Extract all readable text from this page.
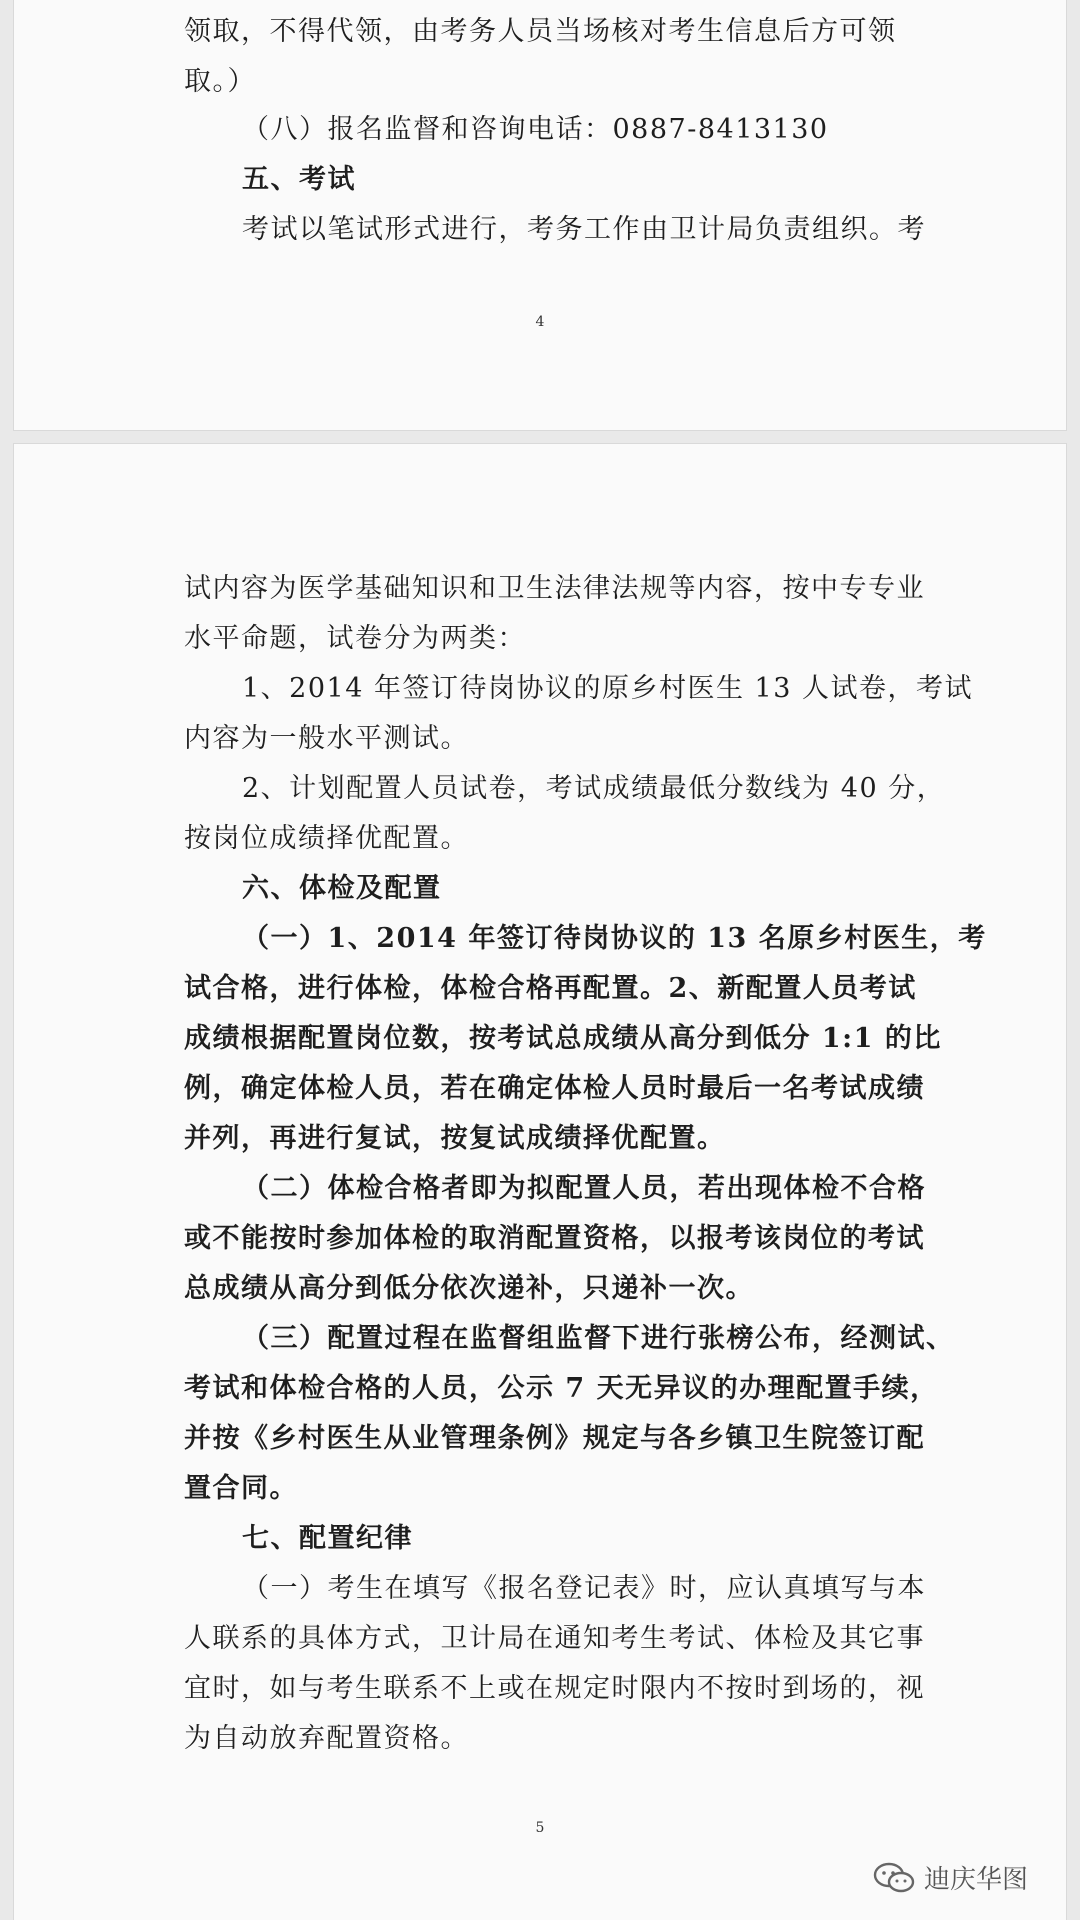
领取，不得代领，由考务人员当场核对考生信息后方可领
取。）
（八）报名监督和咨询电话：0887-8413130
五、考试
考试以笔试形式进行，考务工作由卫计局负责组织。考
4
试内容为医学基础知识和卫生法律法规等内容，按中专专业
水平命题，试卷分为两类：
1、2014 年签订待岗协议的原乡村医生 13 人试卷，考试
内容为一般水平测试。
2、计划配置人员试卷，考试成绩最低分数线为 40 分，
按岗位成绩择优配置。
六、体检及配置
（一）1、2014 年签订待岗协议的 13 名原乡村医生，考
试合格，进行体检，体检合格再配置。2、新配置人员考试
成绩根据配置岗位数，按考试总成绩从高分到低分 1:1 的比
例，确定体检人员，若在确定体检人员时最后一名考试成绩
并列，再进行复试，按复试成绩择优配置。
（二）体检合格者即为拟配置人员，若出现体检不合格
或不能按时参加体检的取消配置资格，以报考该岗位的考试
总成绩从高分到低分依次递补，只递补一次。
（三）配置过程在监督组监督下进行张榜公布，经测试、
考试和体检合格的人员，公示 7 天无异议的办理配置手续，
并按《乡村医生从业管理条例》规定与各乡镇卫生院签订配
置合同。
七、配置纪律
（一）考生在填写《报名登记表》时，应认真填写与本
人联系的具体方式，卫计局在通知考生考试、体检及其它事
宜时，如与考生联系不上或在规定时限内不按时到场的，视
为自动放弃配置资格。
5
迪庆华图
